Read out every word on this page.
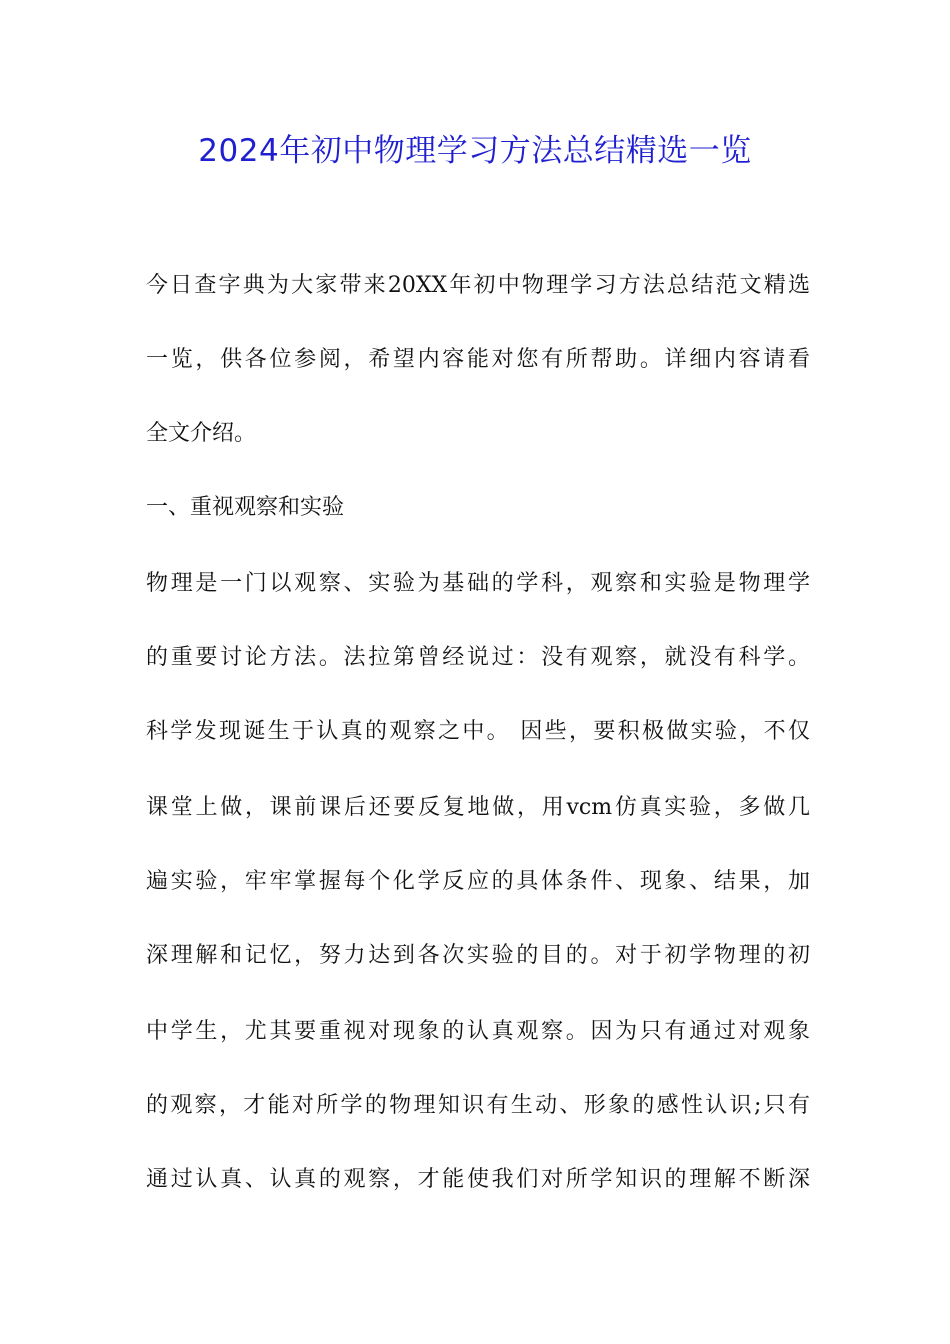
2024年初中物理学习方法总结精选一览
今日查字典为大家带来20XX年初中物理学习方法总结范文精选
一览，供各位参阅，希望内容能对您有所帮助。详细内容请看
全文介绍。
一、重视观察和实验
物理是一门以观察、实验为基础的学科，观察和实验是物理学
的重要讨论方法。法拉第曾经说过：没有观察，就没有科学。
科学发现诞生于认真的观察之中。 因些，要积极做实验，不仅
课堂上做，课前课后还要反复地做，用vcm仿真实验，多做几
遍实验，牢牢掌握每个化学反应的具体条件、现象、结果，加
深理解和记忆，努力达到各次实验的目的。对于初学物理的初
中学生，尤其要重视对现象的认真观察。因为只有通过对观象
的观察，才能对所学的物理知识有生动、形象的感性认识;只有
通过认真、认真的观察，才能使我们对所学知识的理解不断深
